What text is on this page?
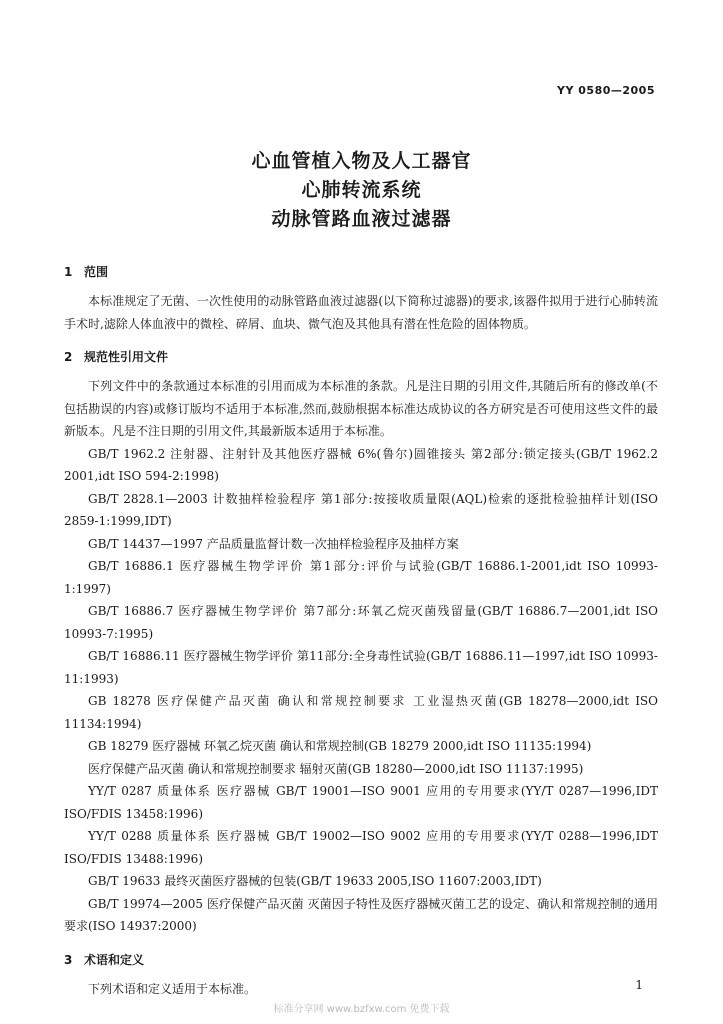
YY 0580—2005
心血管植入物及人工器官
心肺转流系统
动脉管路血液过滤器
1 范围

本标准规定了无菌、一次性使用的动脉管路血液过滤器(以下简称过滤器)的要求,该器件拟用于进行心肺转流手术时,滤除人体血液中的微栓、碎屑、血块、微气泡及其他具有潜在性危险的固体物质。

2 规范性引用文件

下列文件中的条款通过本标准的引用而成为本标准的条款。凡是注日期的引用文件,其随后所有的修改单(不包括勘误的内容)或修订版均不适用于本标准,然而,鼓励根据本标准达成协议的各方研究是否可使用这些文件的最新版本。凡是不注日期的引用文件,其最新版本适用于本标准。

GB/T 1962.2 注射器、注射针及其他医疗器械 6%(鲁尔)圆锥接头 第2部分:锁定接头(GB/T 1962.2 2001,idt ISO 594-2:1998)

GB/T 2828.1—2003 计数抽样检验程序 第1部分:按接收质量限(AQL)检索的逐批检验抽样计划(ISO 2859-1:1999,IDT)

GB/T 14437—1997 产品质量监督计数一次抽样检验程序及抽样方案

GB/T 16886.1 医疗器械生物学评价 第1部分:评价与试验(GB/T 16886.1-2001,idt ISO 10993-1:1997)

GB/T 16886.7 医疗器械生物学评价 第7部分:环氧乙烷灭菌残留量(GB/T 16886.7—2001,idt ISO 10993-7:1995)

GB/T 16886.11 医疗器械生物学评价 第11部分:全身毒性试验(GB/T 16886.11—1997,idt ISO 10993-11:1993)

GB 18278 医疗保健产品灭菌 确认和常规控制要求 工业湿热灭菌(GB 18278—2000,idt ISO 11134:1994)

GB 18279 医疗器械 环氧乙烷灭菌 确认和常规控制(GB 18279 2000,idt ISO 11135:1994)

医疗保健产品灭菌 确认和常规控制要求 辐射灭菌(GB 18280—2000,idt ISO 11137:1995)

YY/T 0287 质量体系 医疗器械 GB/T 19001—ISO 9001 应用的专用要求(YY/T 0287—1996,IDT ISO/FDIS 13458:1996)

YY/T 0288 质量体系 医疗器械 GB/T 19002—ISO 9002 应用的专用要求(YY/T 0288—1996,IDT ISO/FDIS 13488:1996)

GB/T 19633 最终灭菌医疗器械的包装(GB/T 19633 2005,ISO 11607:2003,IDT)

GB/T 19974—2005 医疗保健产品灭菌 灭菌因子特性及医疗器械灭菌工艺的设定、确认和常规控制的通用要求(ISO 14937:2000)

3 术语和定义

下列术语和定义适用于本标准。	1
标准分享网 www.bzfxw.com 免费下载
